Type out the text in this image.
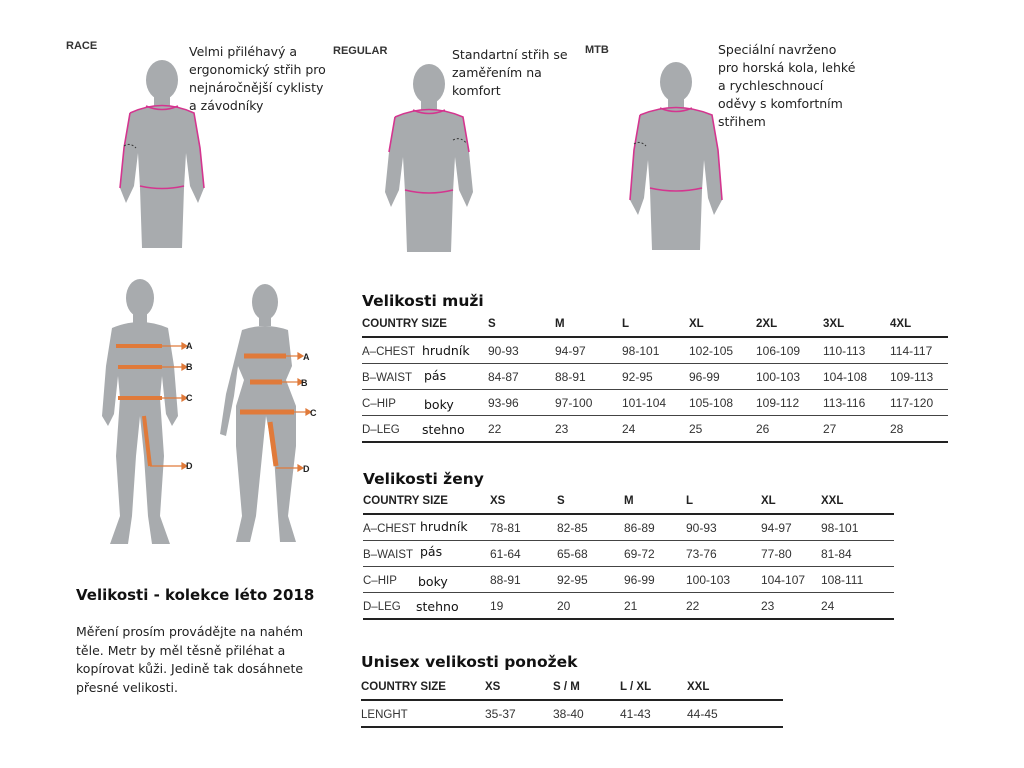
RACE	Velmi přiléhavý a
ergonomický střih pro
nejnáročnější cyklisty
a závodníky
REGULAR	Standartní střih se
zaměřením na
komfort
MTB	Speciální navrženo
pro horská kola, lehké
a rychleschnoucí
oděvy s komfortním
střihem
A
B
C
D
A
B
C
D
Velikosti - kolekce léto 2018
Měření prosím provádějte na nahém
těle. Metr by měl těsně přiléhat a
kopírovat kůži. Jedině tak dosáhnete
přesné velikosti.
Velikosti muži
COUNTRY SIZE	S	M	L	XL	2XL	3XL	4XL
A–CHEST hrudník	90-93	94-97	98-101	102-105	106-109	110-113	114-117
B–WAIST pás	84-87	88-91	92-95	96-99	100-103	104-108	109-113
C–HIP boky	93-96	97-100	101-104	105-108	109-112	113-116	117-120
D–LEG stehno	22	23	24	25	26	27	28
Velikosti ženy
COUNTRY SIZE	XS	S	M	L	XL	XXL
A–CHEST hrudník	78-81	82-85	86-89	90-93	94-97	98-101
B–WAIST pás	61-64	65-68	69-72	73-76	77-80	81-84
C–HIP boky	88-91	92-95	96-99	100-103	104-107	108-111
D–LEG stehno	19	20	21	22	23	24
Unisex velikosti ponožek
COUNTRY SIZE	XS	S / M	L / XL	XXL
LENGHT	35-37	38-40	41-43	44-45
